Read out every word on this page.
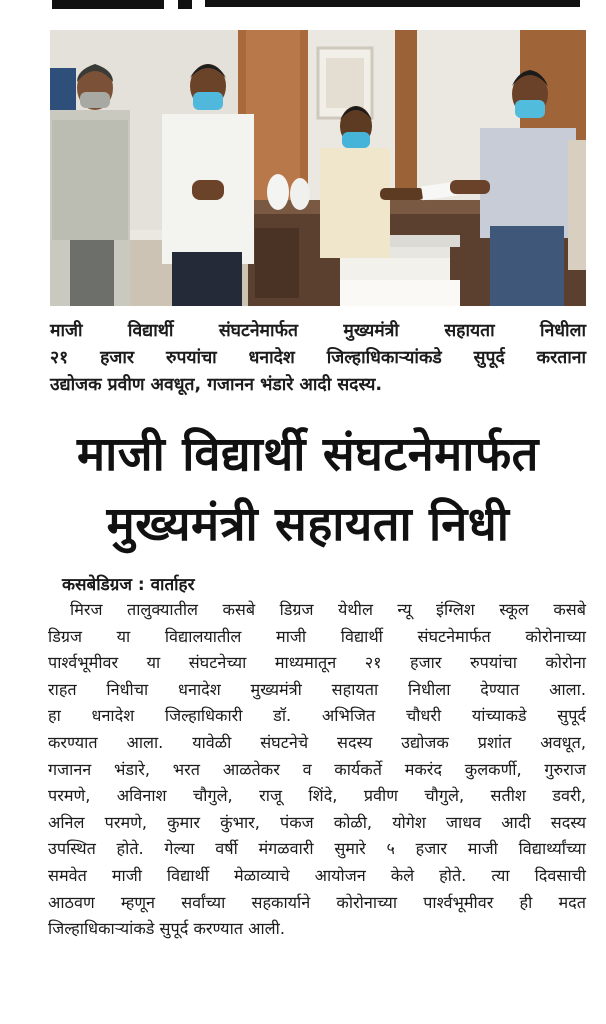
माजी विद्यार्थी संघटनेमार्फत मुख्यमंत्री सहायता निधीला
२१ हजार रुपयांचा धनादेश जिल्हाधिकाऱ्यांकडे सुपूर्द करताना
उद्योजक प्रवीण अवधूत, गजानन भंडारे आदी सदस्य.
माजी विद्यार्थी संघटनेमार्फत
मुख्यमंत्री सहायता निधी
कसबेडिग्रज : वार्ताहर
मिरज तालुक्यातील कसबे डिग्रज येथील न्यू इंग्लिश स्कूल कसबे
डिग्रज या विद्यालयातील माजी विद्यार्थी संघटनेमार्फत कोरोनाच्या
पार्श्वभूमीवर या संघटनेच्या माध्यमातून २१ हजार रुपयांचा कोरोना
राहत निधीचा धनादेश मुख्यमंत्री सहायता निधीला देण्यात आला.
हा धनादेश जिल्हाधिकारी डॉ. अभिजित चौधरी यांच्याकडे सुपूर्द
करण्यात आला. यावेळी संघटनेचे सदस्य उद्योजक प्रशांत अवधूत,
गजानन भंडारे, भरत आळतेकर व कार्यकर्ते मकरंद कुलकर्णी, गुरुराज
परमणे, अविनाश चौगुले, राजू शिंदे, प्रवीण चौगुले, सतीश डवरी,
अनिल परमणे, कुमार कुंभार, पंकज कोळी, योगेश जाधव आदी सदस्य
उपस्थित होते. गेल्या वर्षी मंगळवारी सुमारे ५ हजार माजी विद्यार्थ्यांच्या
समवेत माजी विद्यार्थी मेळाव्याचे आयोजन केले होते. त्या दिवसाची
आठवण म्हणून सर्वांच्या सहकार्याने कोरोनाच्या पार्श्वभूमीवर ही मदत
जिल्हाधिकाऱ्यांकडे सुपूर्द करण्यात आली.
